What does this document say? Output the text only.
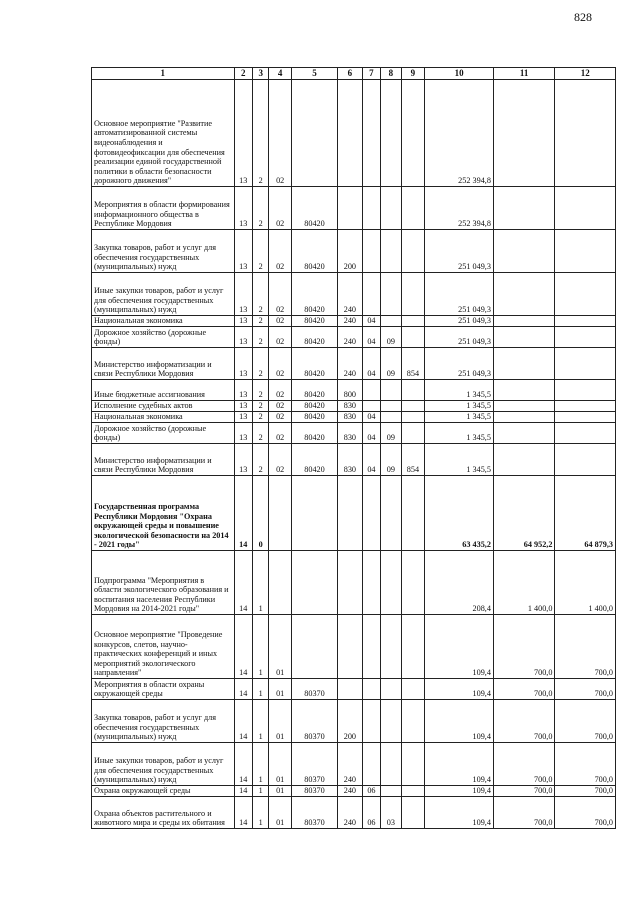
828
1	2	3	4	5	6	7	8	9	10	11	12
Основное мероприятие "Развитие автоматизированной системы видеонаблюдения и фотовидеофиксации для обеспечения реализации единой государственной политики в области безопасности дорожного движения"	13	2	02						252 394,8		
Мероприятия в области формирования информационного общества в Республике Мордовия	13	2	02	80420					252 394,8		
Закупка товаров, работ и услуг для обеспечения государственных (муниципальных) нужд	13	2	02	80420	200				251 049,3		
Иные закупки товаров, работ и услуг для обеспечения государственных (муниципальных) нужд	13	2	02	80420	240				251 049,3		
Национальная экономика	13	2	02	80420	240	04			251 049,3		
Дорожное хозяйство (дорожные фонды)	13	2	02	80420	240	04	09		251 049,3		
Министерство информатизации и связи Республики Мордовия	13	2	02	80420	240	04	09	854	251 049,3		
Иные бюджетные ассигнования	13	2	02	80420	800				1 345,5		
Исполнение судебных актов	13	2	02	80420	830				1 345,5		
Национальная экономика	13	2	02	80420	830	04			1 345,5		
Дорожное хозяйство (дорожные фонды)	13	2	02	80420	830	04	09		1 345,5		
Министерство информатизации и связи Республики Мордовия	13	2	02	80420	830	04	09	854	1 345,5		
Государственная программа Республики Мордовия "Охрана окружающей среды и повышение экологической безопасности на 2014 - 2021 годы"	14	0							63 435,2	64 952,2	64 879,3
Подпрограмма "Мероприятия в области экологического образования и воспитания населения Республики Мордовия на 2014-2021 годы"	14	1							208,4	1 400,0	1 400,0
Основное мероприятие "Проведение конкурсов, слетов, научно-практических конференций и иных мероприятий экологического направления"	14	1	01						109,4	700,0	700,0
Мероприятия в области охраны окружающей среды	14	1	01	80370					109,4	700,0	700,0
Закупка товаров, работ и услуг для обеспечения государственных (муниципальных) нужд	14	1	01	80370	200				109,4	700,0	700,0
Иные закупки товаров, работ и услуг для обеспечения государственных (муниципальных) нужд	14	1	01	80370	240				109,4	700,0	700,0
Охрана окружающей среды	14	1	01	80370	240	06			109,4	700,0	700,0
Охрана объектов растительного и животного мира и среды их обитания	14	1	01	80370	240	06	03		109,4	700,0	700,0
